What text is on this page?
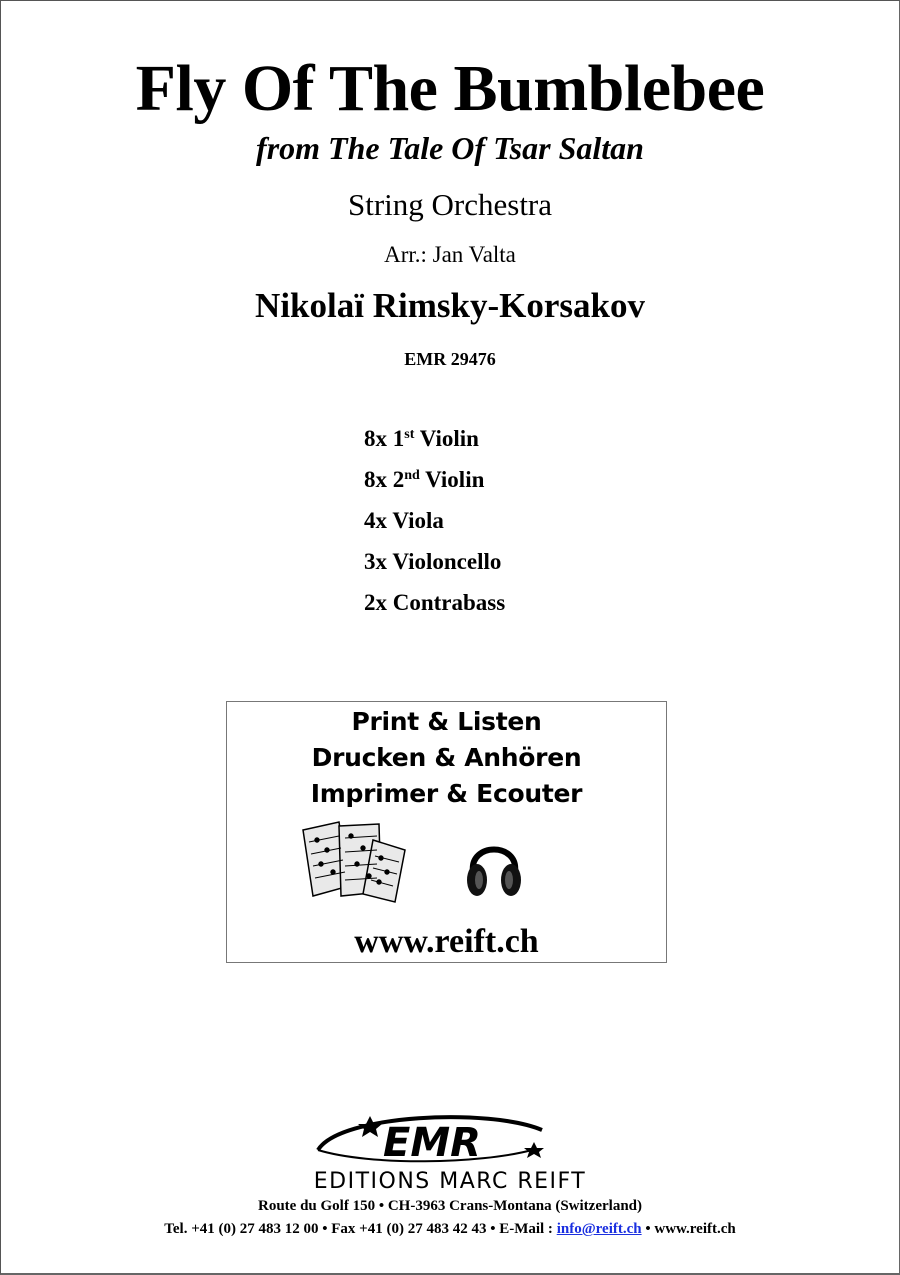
Fly Of The Bumblebee
from The Tale Of Tsar Saltan
String Orchestra
Arr.: Jan Valta
Nikolaï Rimsky-Korsakov
EMR 29476
8x 1st Violin
8x 2nd Violin
4x Viola
3x Violoncello
2x Contrabass
Print & Listen
Drucken & Anhören
Imprimer & Ecouter
www.reift.ch
EMR
EDITIONS MARC REIFT
Route du Golf 150 • CH-3963 Crans-Montana (Switzerland)
Tel. +41 (0) 27 483 12 00 • Fax +41 (0) 27 483 42 43 • E-Mail : info@reift.ch • www.reift.ch
